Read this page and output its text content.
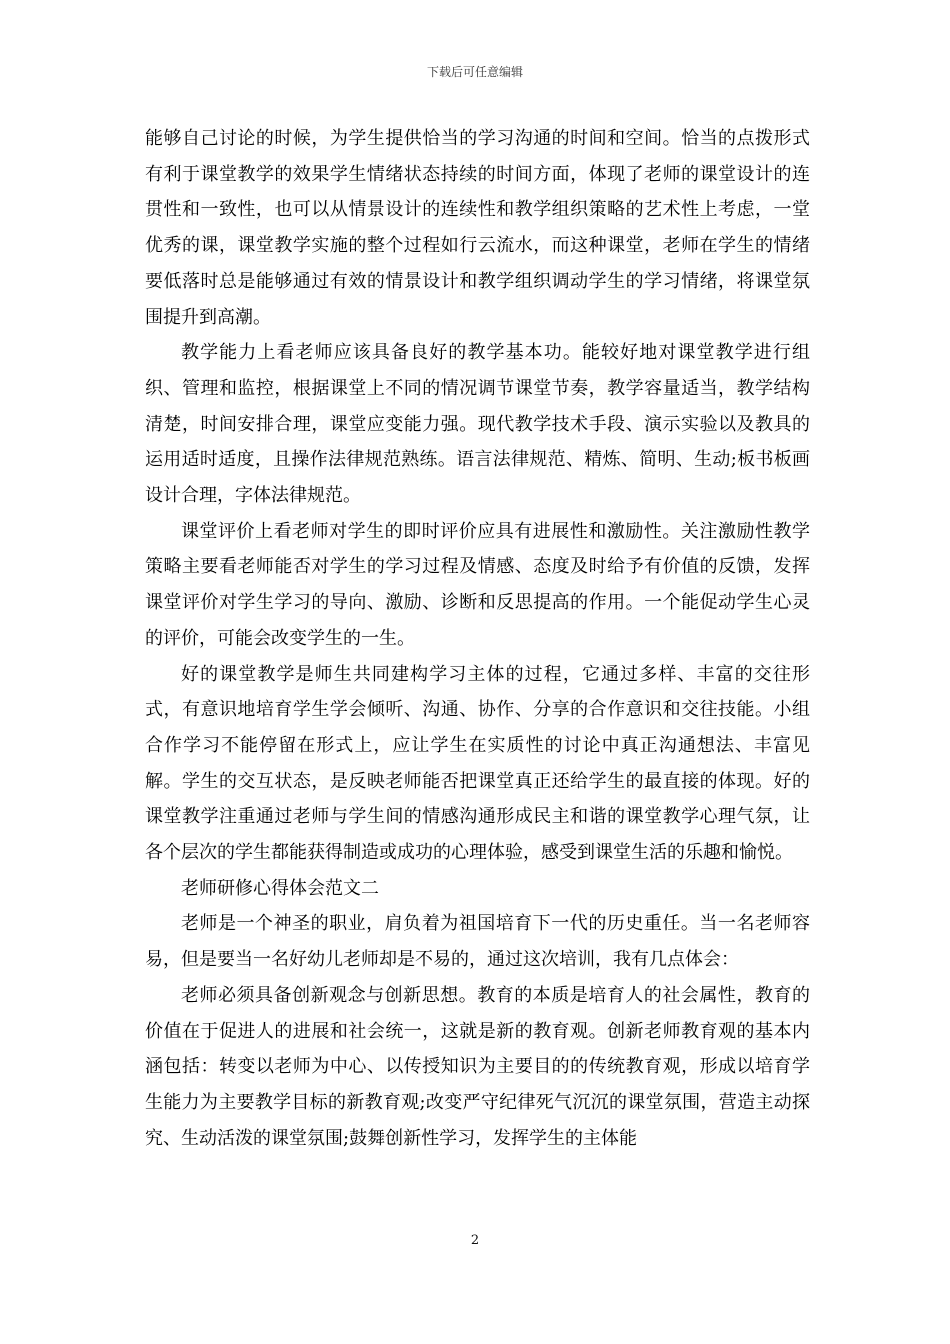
下载后可任意编辑

能够自己讨论的时候，为学生提供恰当的学习沟通的时间和空间。恰当的点拨形式有利于课堂教学的效果学生情绪状态持续的时间方面，体现了老师的课堂设计的连贯性和一致性，也可以从情景设计的连续性和教学组织策略的艺术性上考虑，一堂优秀的课，课堂教学实施的整个过程如行云流水，而这种课堂，老师在学生的情绪要低落时总是能够通过有效的情景设计和教学组织调动学生的学习情绪，将课堂氛围提升到高潮。

教学能力上看老师应该具备良好的教学基本功。能较好地对课堂教学进行组织、管理和监控，根据课堂上不同的情况调节课堂节奏，教学容量适当，教学结构清楚，时间安排合理，课堂应变能力强。现代教学技术手段、演示实验以及教具的运用适时适度，且操作法律规范熟练。语言法律规范、精炼、简明、生动;板书板画设计合理，字体法律规范。

课堂评价上看老师对学生的即时评价应具有进展性和激励性。关注激励性教学策略主要看老师能否对学生的学习过程及情感、态度及时给予有价值的反馈，发挥课堂评价对学生学习的导向、激励、诊断和反思提高的作用。一个能促动学生心灵的评价，可能会改变学生的一生。

好的课堂教学是师生共同建构学习主体的过程，它通过多样、丰富的交往形式，有意识地培育学生学会倾听、沟通、协作、分享的合作意识和交往技能。小组合作学习不能停留在形式上，应让学生在实质性的讨论中真正沟通想法、丰富见解。学生的交互状态，是反映老师能否把课堂真正还给学生的最直接的体现。好的课堂教学注重通过老师与学生间的情感沟通形成民主和谐的课堂教学心理气氛，让各个层次的学生都能获得制造或成功的心理体验，感受到课堂生活的乐趣和愉悦。

老师研修心得体会范文二

老师是一个神圣的职业，肩负着为祖国培育下一代的历史重任。当一名老师容易，但是要当一名好幼儿老师却是不易的，通过这次培训，我有几点体会：

老师必须具备创新观念与创新思想。教育的本质是培育人的社会属性，教育的价值在于促进人的进展和社会统一，这就是新的教育观。创新老师教育观的基本内涵包括：转变以老师为中心、以传授知识为主要目的的传统教育观，形成以培育学生能力为主要教学目标的新教育观;改变严守纪律死气沉沉的课堂氛围，营造主动探究、生动活泼的课堂氛围;鼓舞创新性学习，发挥学生的主体能

2
